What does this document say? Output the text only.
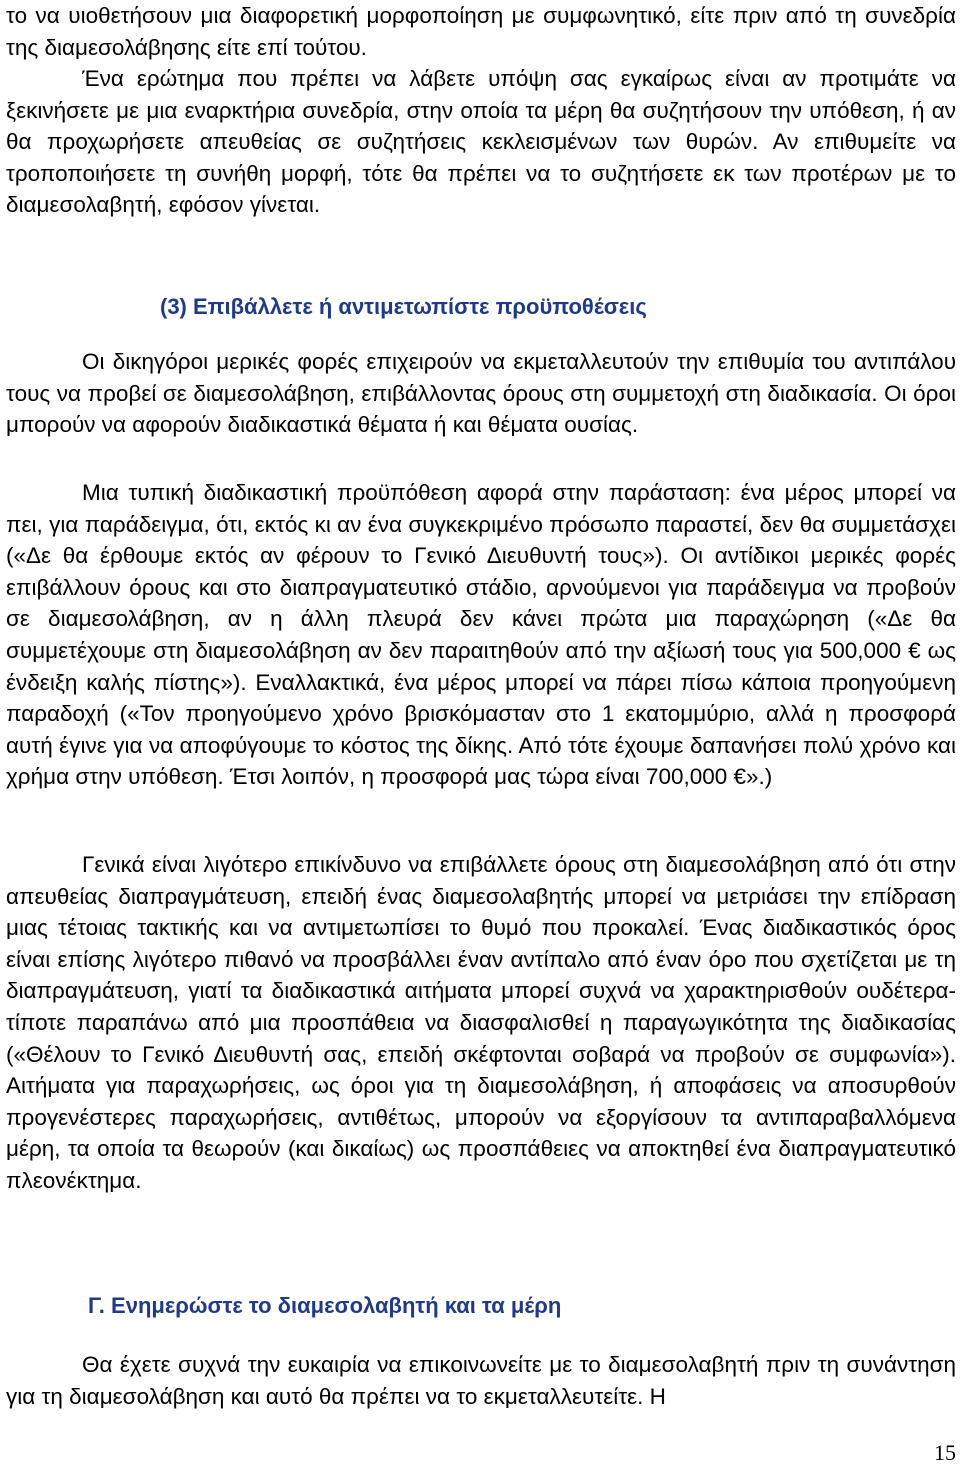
το να υιοθετήσουν μια διαφορετική μορφοποίηση με συμφωνητικό, είτε πριν από τη συνεδρία της διαμεσολάβησης είτε επί τούτου.

Ένα ερώτημα που πρέπει να λάβετε υπόψη σας εγκαίρως είναι αν προτιμάτε να ξεκινήσετε με μια εναρκτήρια συνεδρία, στην οποία τα μέρη θα συζητήσουν την υπόθεση, ή αν θα προχωρήσετε απευθείας σε συζητήσεις κεκλεισμένων των θυρών. Αν επιθυμείτε να τροποποιήσετε τη συνήθη μορφή, τότε θα πρέπει να το συζητήσετε εκ των προτέρων με το διαμεσολαβητή, εφόσον γίνεται.

(3) Επιβάλλετε ή αντιμετωπίστε προϋποθέσεις

Οι δικηγόροι μερικές φορές επιχειρούν να εκμεταλλευτούν την επιθυμία του αντιπάλου τους να προβεί σε διαμεσολάβηση, επιβάλλοντας όρους στη συμμετοχή στη διαδικασία. Οι όροι μπορούν να αφορούν διαδικαστικά θέματα ή και θέματα ουσίας.

Μια τυπική διαδικαστική προϋπόθεση αφορά στην παράσταση: ένα μέρος μπορεί να πει, για παράδειγμα, ότι, εκτός κι αν ένα συγκεκριμένο πρόσωπο παραστεί, δεν θα συμμετάσχει («Δε θα έρθουμε εκτός αν φέρουν το Γενικό Διευθυντή τους»). Οι αντίδικοι μερικές φορές επιβάλλουν όρους και στο διαπραγματευτικό στάδιο, αρνούμενοι για παράδειγμα να προβούν σε διαμεσολάβηση, αν η άλλη πλευρά δεν κάνει πρώτα μια παραχώρηση («Δε θα συμμετέχουμε στη διαμεσολάβηση αν δεν παραιτηθούν από την αξίωσή τους για 500,000 € ως ένδειξη καλής πίστης»). Εναλλακτικά, ένα μέρος μπορεί να πάρει πίσω κάποια προηγούμενη παραδοχή («Τον προηγούμενο χρόνο βρισκόμασταν στο 1 εκατομμύριο, αλλά η προσφορά αυτή έγινε για να αποφύγουμε το κόστος της δίκης. Από τότε έχουμε δαπανήσει πολύ χρόνο και χρήμα στην υπόθεση. Έτσι λοιπόν, η προσφορά μας τώρα είναι 700,000 €».)

Γενικά είναι λιγότερο επικίνδυνο να επιβάλλετε όρους στη διαμεσολάβηση από ότι στην απευθείας διαπραγμάτευση, επειδή ένας διαμεσολαβητής μπορεί να μετριάσει την επίδραση μιας τέτοιας τακτικής και να αντιμετωπίσει το θυμό που προκαλεί. Ένας διαδικαστικός όρος είναι επίσης λιγότερο πιθανό να προσβάλλει έναν αντίπαλο από έναν όρο που σχετίζεται με τη διαπραγμάτευση, γιατί τα διαδικαστικά αιτήματα μπορεί συχνά να χαρακτηρισθούν ουδέτερα-τίποτε παραπάνω από μια προσπάθεια να διασφαλισθεί η παραγωγικότητα της διαδικασίας («Θέλουν το Γενικό Διευθυντή σας, επειδή σκέφτονται σοβαρά να προβούν σε συμφωνία»). Αιτήματα για παραχωρήσεις, ως όροι για τη διαμεσολάβηση, ή αποφάσεις να αποσυρθούν προγενέστερες παραχωρήσεις, αντιθέτως, μπορούν να εξοργίσουν τα αντιπαραβαλλόμενα μέρη, τα οποία τα θεωρούν (και δικαίως) ως προσπάθειες να αποκτηθεί ένα διαπραγματευτικό πλεονέκτημα.

Γ. Ενημερώστε το διαμεσολαβητή και τα μέρη

Θα έχετε συχνά την ευκαιρία να επικοινωνείτε με το διαμεσολαβητή πριν τη συνάντηση για τη διαμεσολάβηση και αυτό θα πρέπει να το εκμεταλλευτείτε. Η

15
